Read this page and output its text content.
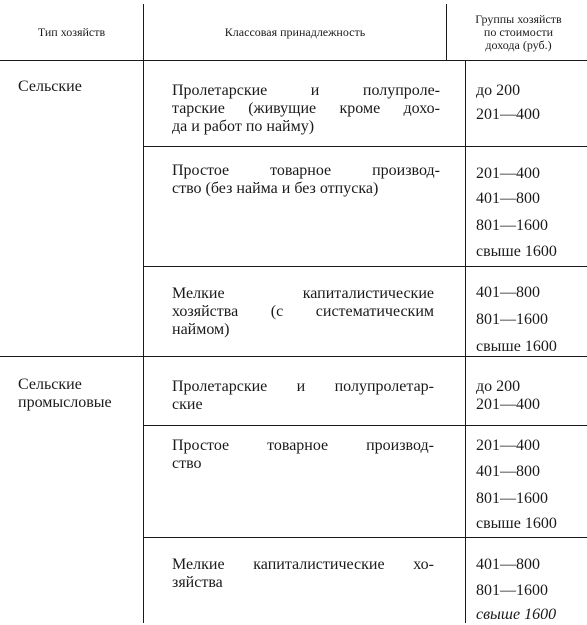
Тип хозяйств	Классовая принадлежность
Группы хозяйств
по стоимости
дохода (руб.)
Сельские	Пролетарские и полупроле-
тарские (живущие кроме дохо-
да и работ по найму)
до 200
201—400
Простое товарное производ-
ство (без найма и без отпуска)
201—400
401—800
801—1600
свыше 1600
Мелкие капиталистические
хозяйства (с систематическим
наймом)
401—800
801—1600
свыше 1600
Сельские
промысловые
Пролетарские и полупролетар-
ские
до 200
201—400
Простое товарное производ-
ство
201—400
401—800
801—1600
свыше 1600
Мелкие капиталистические хо-
зяйства
401—800
801—1600
свыше 1600
